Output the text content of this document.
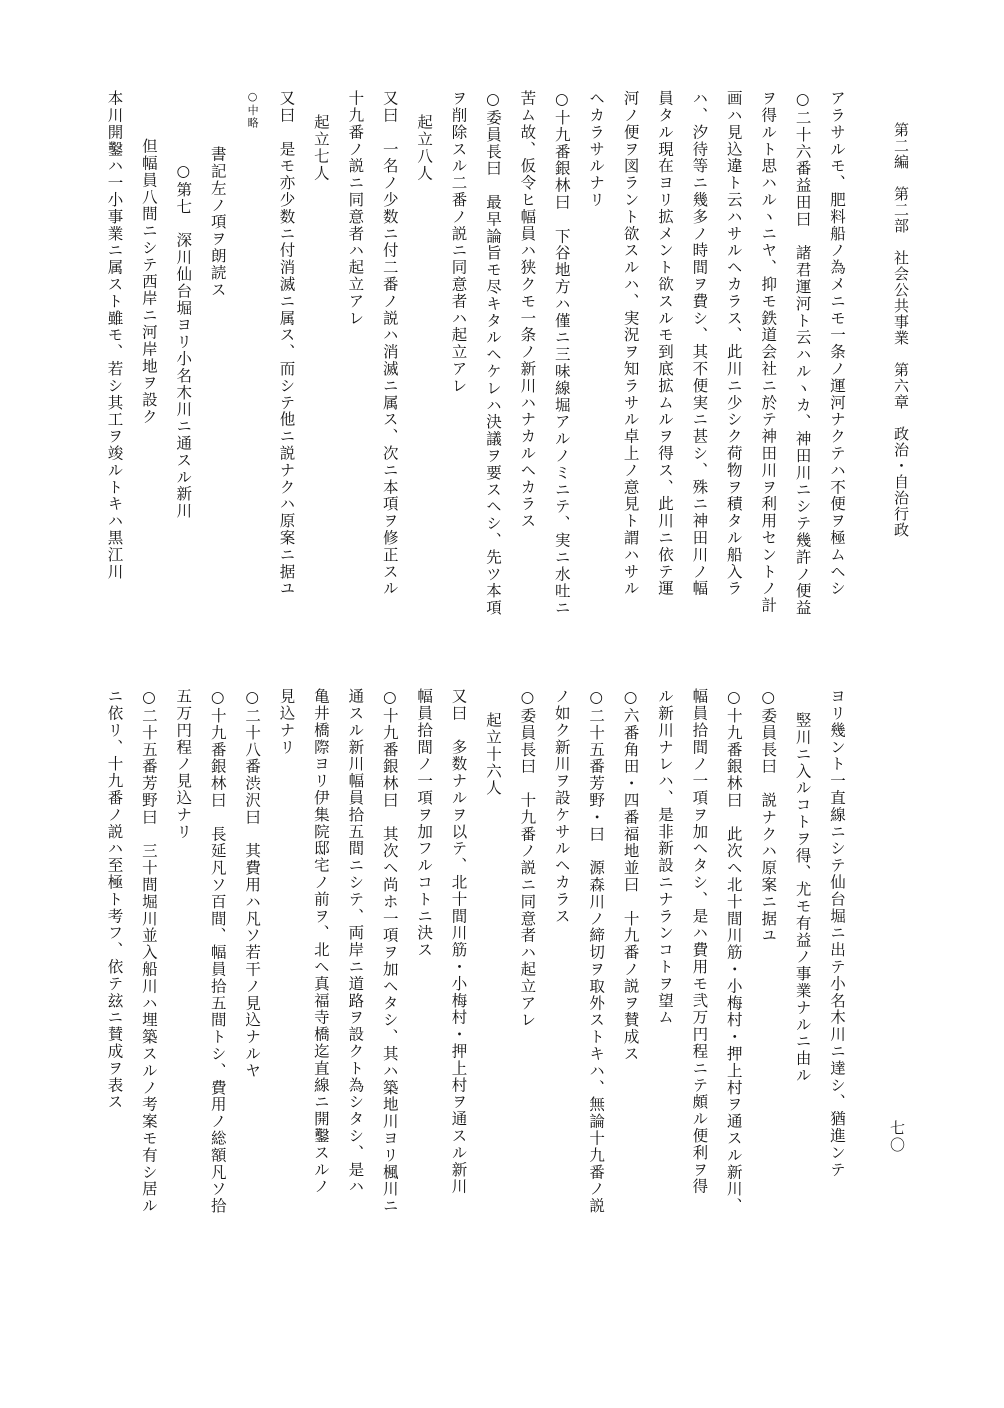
第二編　第二部　社会公共事業　第六章　政治・自治行政
七〇
アラサルモ、肥料船ノ為メニモ一条ノ運河ナクテハ不便ヲ極ムヘシ
○二十六番益田曰　諸君運河ト云ハルヽカ、神田川ニシテ幾許ノ便益
ヲ得ルト思ハルヽニヤ、抑モ鉄道会社ニ於テ神田川ヲ利用セントノ計
画ハ見込違ト云ハサルヘカラス、此川ニ少シク荷物ヲ積タル船入ラ
ハ、汐待等ニ幾多ノ時間ヲ費シ、其不便実ニ甚シ、殊ニ神田川ノ幅
員タル現在ヨリ拡メント欲スルモ到底拡ムルヲ得ス、此川ニ依テ運
河ノ便ヲ図ラント欲スルハ、実況ヲ知ラサル卓上ノ意見ト謂ハサル
ヘカラサルナリ
○十九番銀林曰　下谷地方ハ僅ニ三味線堀アルノミニテ、実ニ水吐ニ
苦ム故、仮令ヒ幅員ハ狭クモ一条ノ新川ハナカルヘカラス
○委員長曰　最早論旨モ尽キタルヘケレハ決議ヲ要スヘシ、先ツ本項
ヲ削除スル二番ノ説ニ同意者ハ起立アレ
起立八人
又曰　一名ノ少数ニ付二番ノ説ハ消滅ニ属ス、次ニ本項ヲ修正スル
十九番ノ説ニ同意者ハ起立アレ
起立七人
又曰　是モ亦少数ニ付消滅ニ属ス、而シテ他ニ説ナクハ原案ニ据ユ
○中略
書記左ノ項ヲ朗読ス
○第七　深川仙台堀ヨリ小名木川ニ通スル新川
但幅員八間ニシテ西岸ニ河岸地ヲ設ク
本川開鑿ハ一小事業ニ属スト雖モ、若シ其工ヲ竣ルトキハ黒江川
ヨリ幾ント一直線ニシテ仙台堀ニ出テ小名木川ニ達シ、猶進ンテ
竪川ニ入ルコトヲ得、尤モ有益ノ事業ナルニ由ル
○委員長曰　説ナクハ原案ニ据ユ
○十九番銀林曰　此次ヘ北十間川筋・小梅村・押上村ヲ通スル新川、
幅員拾間ノ一項ヲ加ヘタシ、是ハ費用モ弐万円程ニテ頗ル便利ヲ得
ル新川ナレハ、是非新設ニナランコトヲ望ム
○六番角田・四番福地並曰　十九番ノ説ヲ賛成ス
○二十五番芳野・曰　源森川ノ締切ヲ取外ストキハ、無論十九番ノ説
ノ如ク新川ヲ設ケサルヘカラス
○委員長曰　十九番ノ説ニ同意者ハ起立アレ
起立十六人
又曰　多数ナルヲ以テ、北十間川筋・小梅村・押上村ヲ通スル新川
幅員拾間ノ一項ヲ加フルコトニ決ス
○十九番銀林曰　其次ヘ尚ホ一項ヲ加ヘタシ、其ハ築地川ヨリ楓川ニ
通スル新川幅員拾五間ニシテ、両岸ニ道路ヲ設クト為シタシ、是ハ
亀井橋際ヨリ伊集院邸宅ノ前ヲ、北ヘ真福寺橋迄直線ニ開鑿スルノ
見込ナリ
○二十八番渋沢曰　其費用ハ凡ソ若干ノ見込ナルヤ
○十九番銀林曰　長延凡ソ百間、幅員拾五間トシ、費用ノ総額凡ソ拾
五万円程ノ見込ナリ
○二十五番芳野曰　三十間堀川並入船川ハ埋築スルノ考案モ有シ居ル
ニ依リ、十九番ノ説ハ至極ト考フ、依テ玆ニ賛成ヲ表ス
